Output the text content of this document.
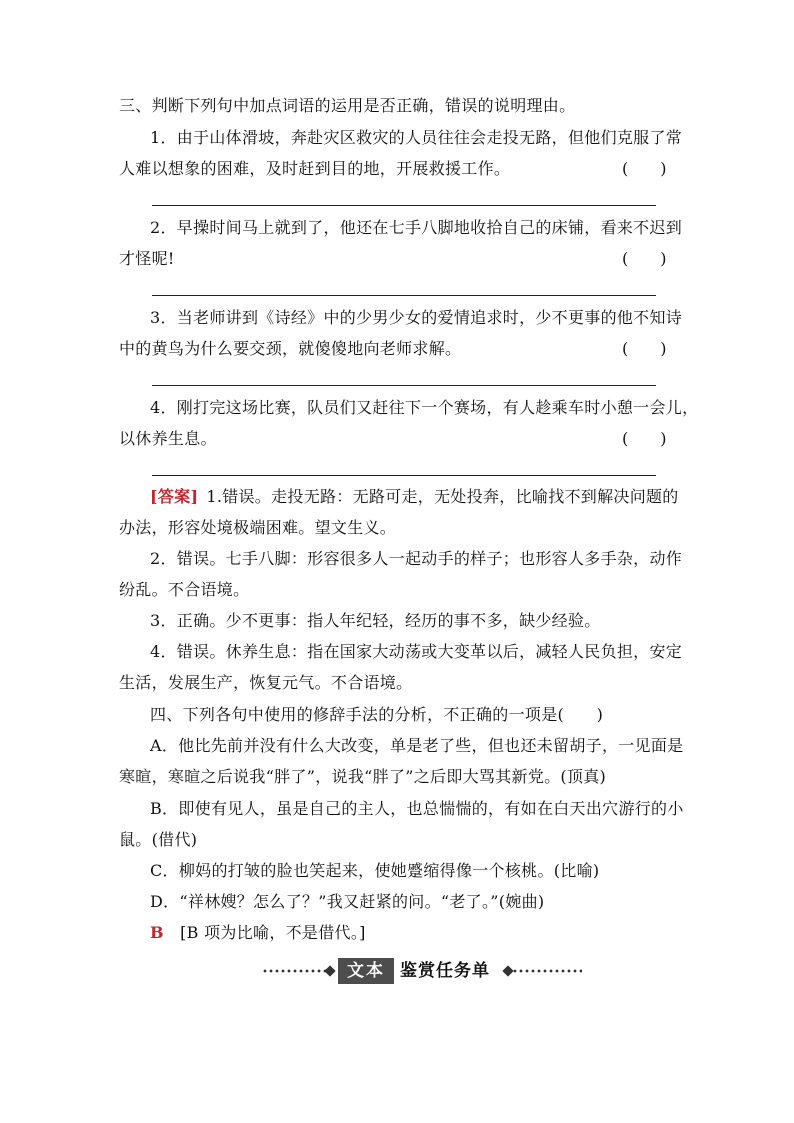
三、判断下列句中加点词语的运用是否正确，错误的说明理由。
1．由于山体滑坡，奔赴灾区救灾的人员往往会走投无路，但他们克服了常
人难以想象的困难，及时赶到目的地，开展救援工作。	(　　)
2．早操时间马上就到了，他还在七手八脚地收拾自己的床铺，看来不迟到
才怪呢!	(　　)
3．当老师讲到《诗经》中的少男少女的爱情追求时，少不更事的他不知诗
中的黄鸟为什么要交颈，就傻傻地向老师求解。	(　　)
4．刚打完这场比赛，队员们又赶往下一个赛场，有人趁乘车时小憩一会儿，
以休养生息。	(　　)
[答案] 1.错误。走投无路：无路可走，无处投奔，比喻找不到解决问题的
办法，形容处境极端困难。望文生义。
2．错误。七手八脚：形容很多人一起动手的样子；也形容人多手杂，动作
纷乱。不合语境。
3．正确。少不更事：指人年纪轻，经历的事不多，缺少经验。
4．错误。休养生息：指在国家大动荡或大变革以后，减轻人民负担，安定
生活，发展生产，恢复元气。不合语境。
四、下列各句中使用的修辞手法的分析，不正确的一项是(　　)
A．他比先前并没有什么大改变，单是老了些，但也还未留胡子，一见面是
寒暄，寒暄之后说我“胖了”，说我“胖了”之后即大骂其新党。(顶真)
B．即使有见人，虽是自己的主人，也总惴惴的，有如在白天出穴游行的小
鼠。(借代)
C．柳妈的打皱的脸也笑起来，使她蹙缩得像一个核桃。(比喻)
D．“祥林嫂？怎么了？”我又赶紧的问。“老了。”(婉曲)
B　 [B 项为比喻，不是借代。]
文本 鉴赏任务单
